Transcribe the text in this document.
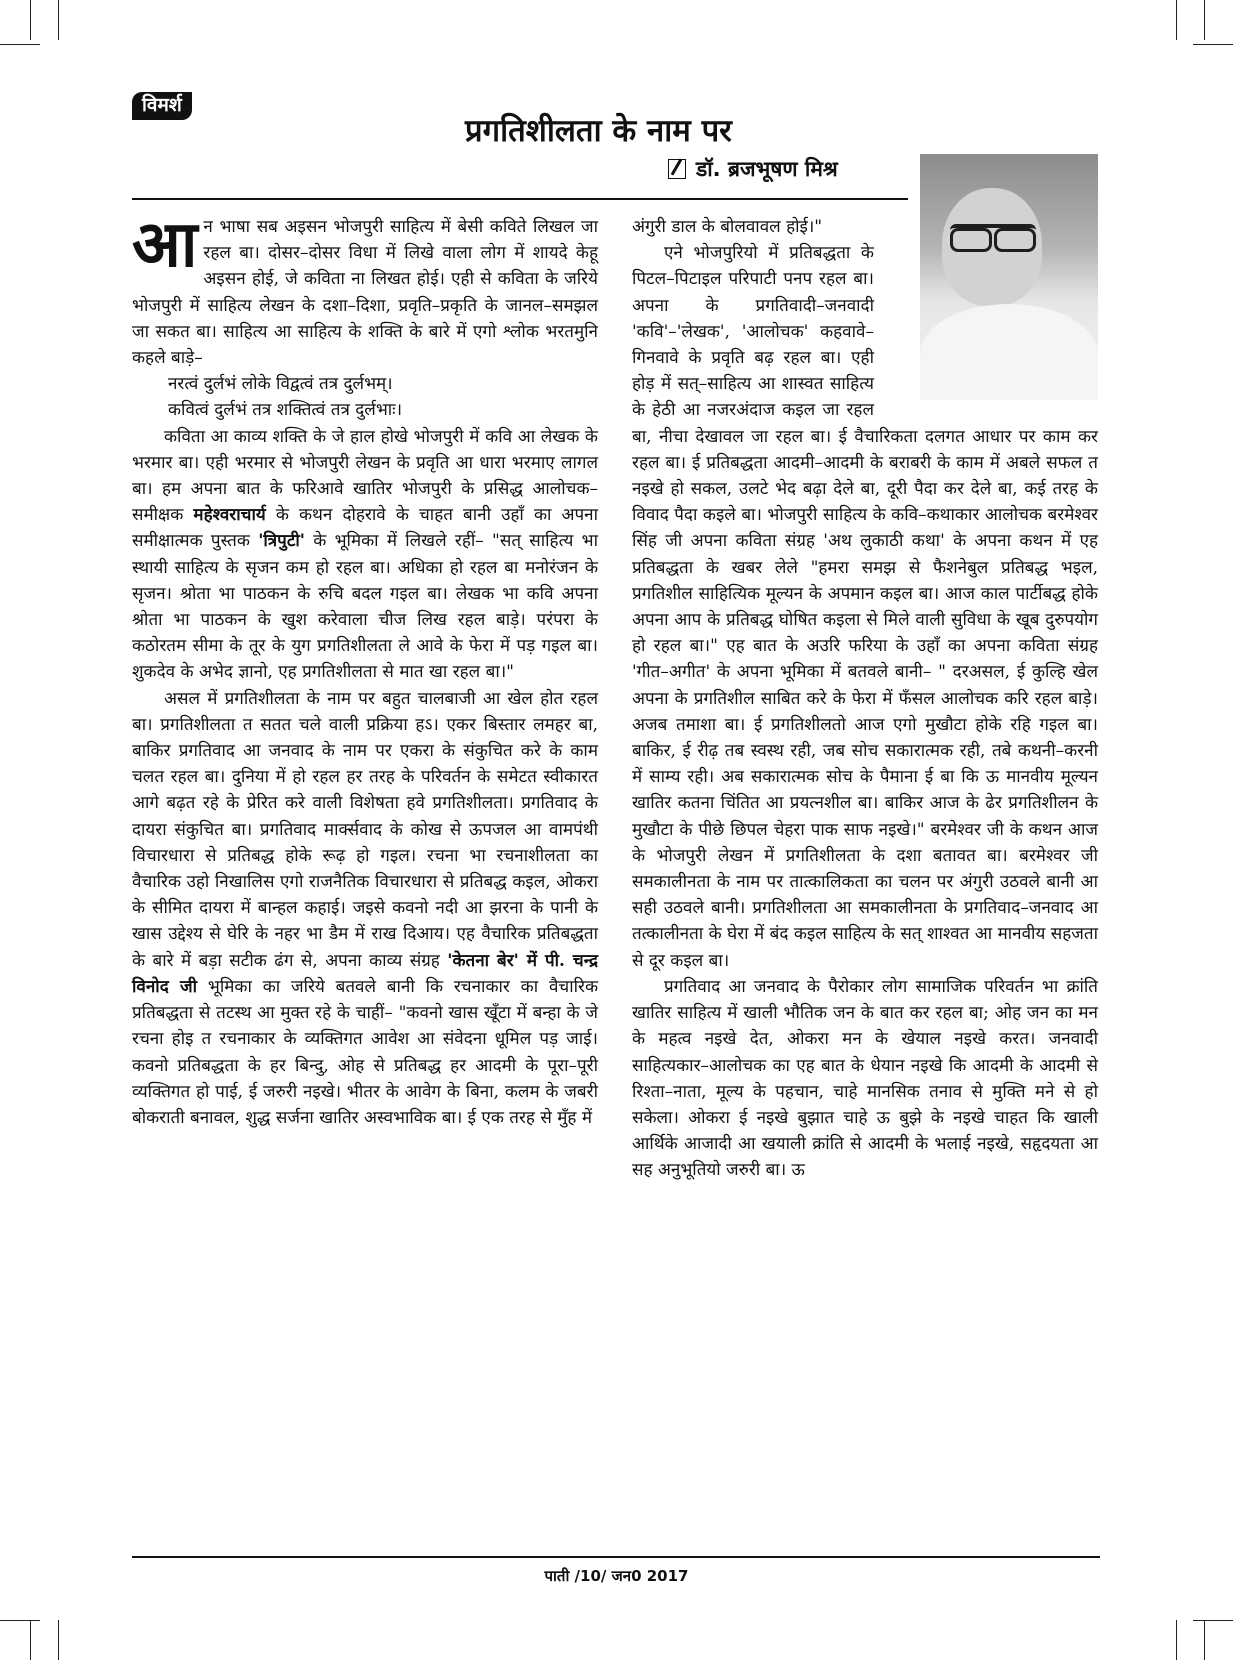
विमर्श
प्रगतिशीलता के नाम पर
डॉ. ब्रजभूषण मिश्र

आन भाषा सब अइसन भोजपुरी साहित्य में बेसी कविते लिखल जा रहल बा। दोसर–दोसर विधा में लिखे वाला लोग में शायदे केहू अइसन होई, जे कविता ना लिखत होई। एही से कविता के जरिये भोजपुरी में साहित्य लेखन के दशा–दिशा, प्रवृति–प्रकृति के जानल–समझल जा सकत बा। साहित्य आ साहित्य के शक्ति के बारे में एगो श्लोक भरतमुनि कहले बाड़े–

नरत्वं दुर्लभं लोके विद्वत्वं तत्र दुर्लभम्।

कवित्वं दुर्लभं तत्र शक्तित्वं तत्र दुर्लभाः।

कविता आ काव्य शक्ति के जे हाल होखे भोजपुरी में कवि आ लेखक के भरमार बा। एही भरमार से भोजपुरी लेखन के प्रवृति आ धारा भरमाए लागल बा। हम अपना बात के फरिआवे खातिर भोजपुरी के प्रसिद्ध आलोचक–समीक्षक महेश्वराचार्य के कथन दोहरावे के चाहत बानी उहाँ का अपना समीक्षात्मक पुस्तक 'त्रिपुटी' के भूमिका में लिखले रहीं– "सत् साहित्य भा स्थायी साहित्य के सृजन कम हो रहल बा। अधिका हो रहल बा मनोरंजन के सृजन। श्रोता भा पाठकन के रुचि बदल गइल बा। लेखक भा कवि अपना श्रोता भा पाठकन के खुश करेवाला चीज लिख रहल बाड़े। परंपरा के कठोरतम सीमा के तूर के युग प्रगतिशीलता ले आवे के फेरा में पड़ गइल बा। शुकदेव के अभेद ज्ञानो, एह प्रगतिशीलता से मात खा रहल बा।"

असल में प्रगतिशीलता के नाम पर बहुत चालबाजी आ खेल होत रहल बा। प्रगतिशीलता त सतत चले वाली प्रक्रिया हऽ। एकर बिस्तार लमहर बा, बाकिर प्रगतिवाद आ जनवाद के नाम पर एकरा के संकुचित करे के काम चलत रहल बा। दुनिया में हो रहल हर तरह के परिवर्तन के समेटत स्वीकारत आगे बढ़त रहे के प्रेरित करे वाली विशेषता हवे प्रगतिशीलता। प्रगतिवाद के दायरा संकुचित बा। प्रगतिवाद मार्क्सवाद के कोख से ऊपजल आ वामपंथी विचारधारा से प्रतिबद्ध होके रूढ़ हो गइल। रचना भा रचनाशीलता का वैचारिक उहो निखालिस एगो राजनैतिक विचारधारा से प्रतिबद्ध कइल, ओकरा के सीमित दायरा में बान्हल कहाई। जइसे कवनो नदी आ झरना के पानी के खास उद्देश्य से घेरि के नहर भा डैम में राख दिआय। एह वैचारिक प्रतिबद्धता के बारे में बड़ा सटीक ढंग से, अपना काव्य संग्रह 'केतना बेर' में पी. चन्द्र विनोद जी भूमिका का जरिये बतवले बानी कि रचनाकार का वैचारिक प्रतिबद्धता से तटस्थ आ मुक्त रहे के चाहीं– "कवनो खास खूँटा में बन्हा के जे रचना होइ त रचनाकार के व्यक्तिगत आवेश आ संवेदना धूमिल पड़ जाई। कवनो प्रतिबद्धता के हर बिन्दु, ओह से प्रतिबद्ध हर आदमी के पूरा–पूरी व्यक्तिगत हो पाई, ई जरुरी नइखे। भीतर के आवेग के बिना, कलम के जबरी बोकराती बनावल, शुद्ध सर्जना खातिर अस्वभाविक बा। ई एक तरह से मुँह में

अंगुरी डाल के बोलवावल होई।"

एने भोजपुरियो में प्रतिबद्धता के पिटल–पिटाइल परिपाटी पनप रहल बा। अपना के प्रगतिवादी–जनवादी 'कवि'–'लेखक', 'आलोचक' कहवावे– गिनवावे के प्रवृति बढ़ रहल बा। एही होड़ में सत्–साहित्य आ शास्वत साहित्य के हेठी आ नजरअंदाज कइल जा रहल बा, नीचा देखावल जा रहल बा। ई वैचारिकता दलगत आधार पर काम कर रहल बा। ई प्रतिबद्धता आदमी–आदमी के बराबरी के काम में अबले सफल त नइखे हो सकल, उलटे भेद बढ़ा देले बा, दूरी पैदा कर देले बा, कई तरह के विवाद पैदा कइले बा। भोजपुरी साहित्य के कवि–कथाकार आलोचक बरमेश्वर सिंह जी अपना कविता संग्रह 'अथ लुकाठी कथा' के अपना कथन में एह प्रतिबद्धता के खबर लेले "हमरा समझ से फैशनेबुल प्रतिबद्ध भइल, प्रगतिशील साहित्यिक मूल्यन के अपमान कइल बा। आज काल पार्टीबद्ध होके अपना आप के प्रतिबद्ध घोषित कइला से मिले वाली सुविधा के खूब दुरुपयोग हो रहल बा।" एह बात के अउरि फरिया के उहाँ का अपना कविता संग्रह 'गीत–अगीत' के अपना भूमिका में बतवले बानी– " दरअसल, ई कुल्हि खेल अपना के प्रगतिशील साबित करे के फेरा में फँसल आलोचक करि रहल बाड़े। अजब तमाशा बा। ई प्रगतिशीलतो आज एगो मुखौटा होके रहि गइल बा। बाकिर, ई रीढ़ तब स्वस्थ रही, जब सोच सकारात्मक रही, तबे कथनी–करनी में साम्य रही। अब सकारात्मक सोच के पैमाना ई बा कि ऊ मानवीय मूल्यन खातिर कतना चिंतित आ प्रयत्नशील बा। बाकिर आज के ढेर प्रगतिशीलन के मुखौटा के पीछे छिपल चेहरा पाक साफ नइखे।" बरमेश्वर जी के कथन आज के भोजपुरी लेखन में प्रगतिशीलता के दशा बतावत बा। बरमेश्वर जी समकालीनता के नाम पर तात्कालिकता का चलन पर अंगुरी उठवले बानी आ सही उठवले बानी। प्रगतिशीलता आ समकालीनता के प्रगतिवाद–जनवाद आ तत्कालीनता के घेरा में बंद कइल साहित्य के सत् शाश्वत आ मानवीय सहजता से दूर कइल बा।

प्रगतिवाद आ जनवाद के पैरोकार लोग सामाजिक परिवर्तन भा क्रांति खातिर साहित्य में खाली भौतिक जन के बात कर रहल बा; ओह जन का मन के महत्व नइखे देत, ओकरा मन के खेयाल नइखे करत। जनवादी साहित्यकार–आलोचक का एह बात के धेयान नइखे कि आदमी के आदमी से रिश्ता–नाता, मूल्य के पहचान, चाहे मानसिक तनाव से मुक्ति मने से हो सकेला। ओकरा ई नइखे बुझात चाहे ऊ बुझे के नइखे चाहत कि खाली आर्थिके आजादी आ खयाली क्रांति से आदमी के भलाई नइखे, सहृदयता आ सह अनुभूतियो जरुरी बा। ऊ

पाती /10/ जन0 2017
